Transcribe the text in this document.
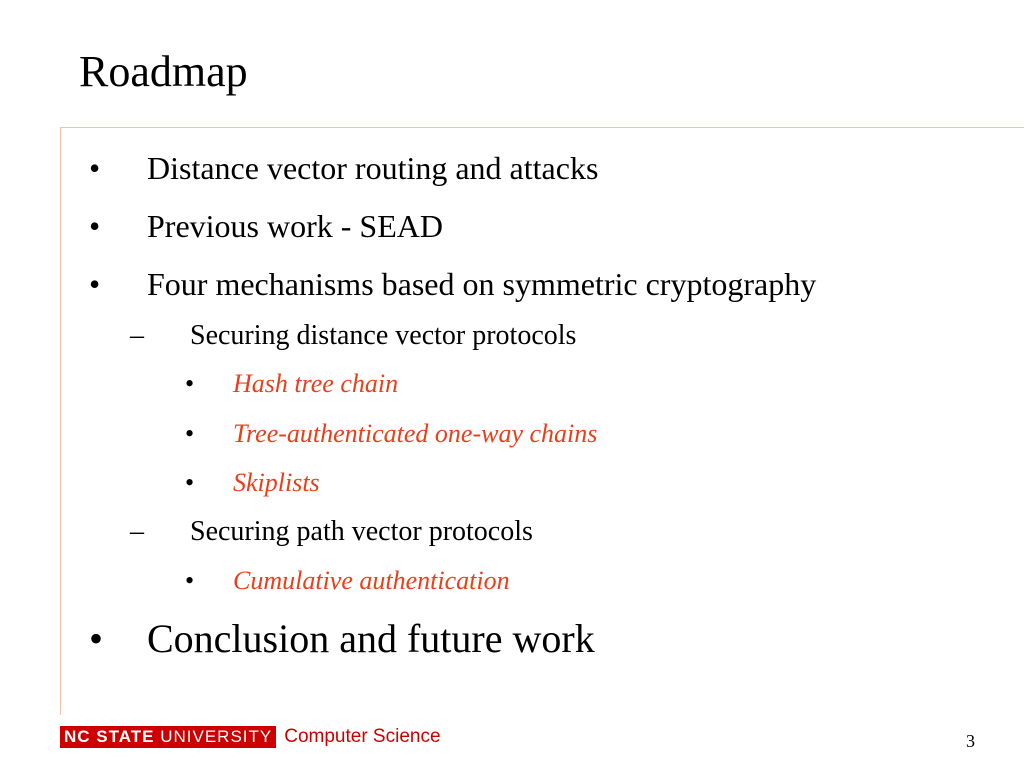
Roadmap
• Distance vector routing and attacks
• Previous work - SEAD
• Four mechanisms based on symmetric cryptography
– Securing distance vector protocols
• Hash tree chain
• Tree-authenticated one-way chains
• Skiplists
– Securing path vector protocols
• Cumulative authentication
• Conclusion and future work
NC STATE UNIVERSITY Computer Science	3
